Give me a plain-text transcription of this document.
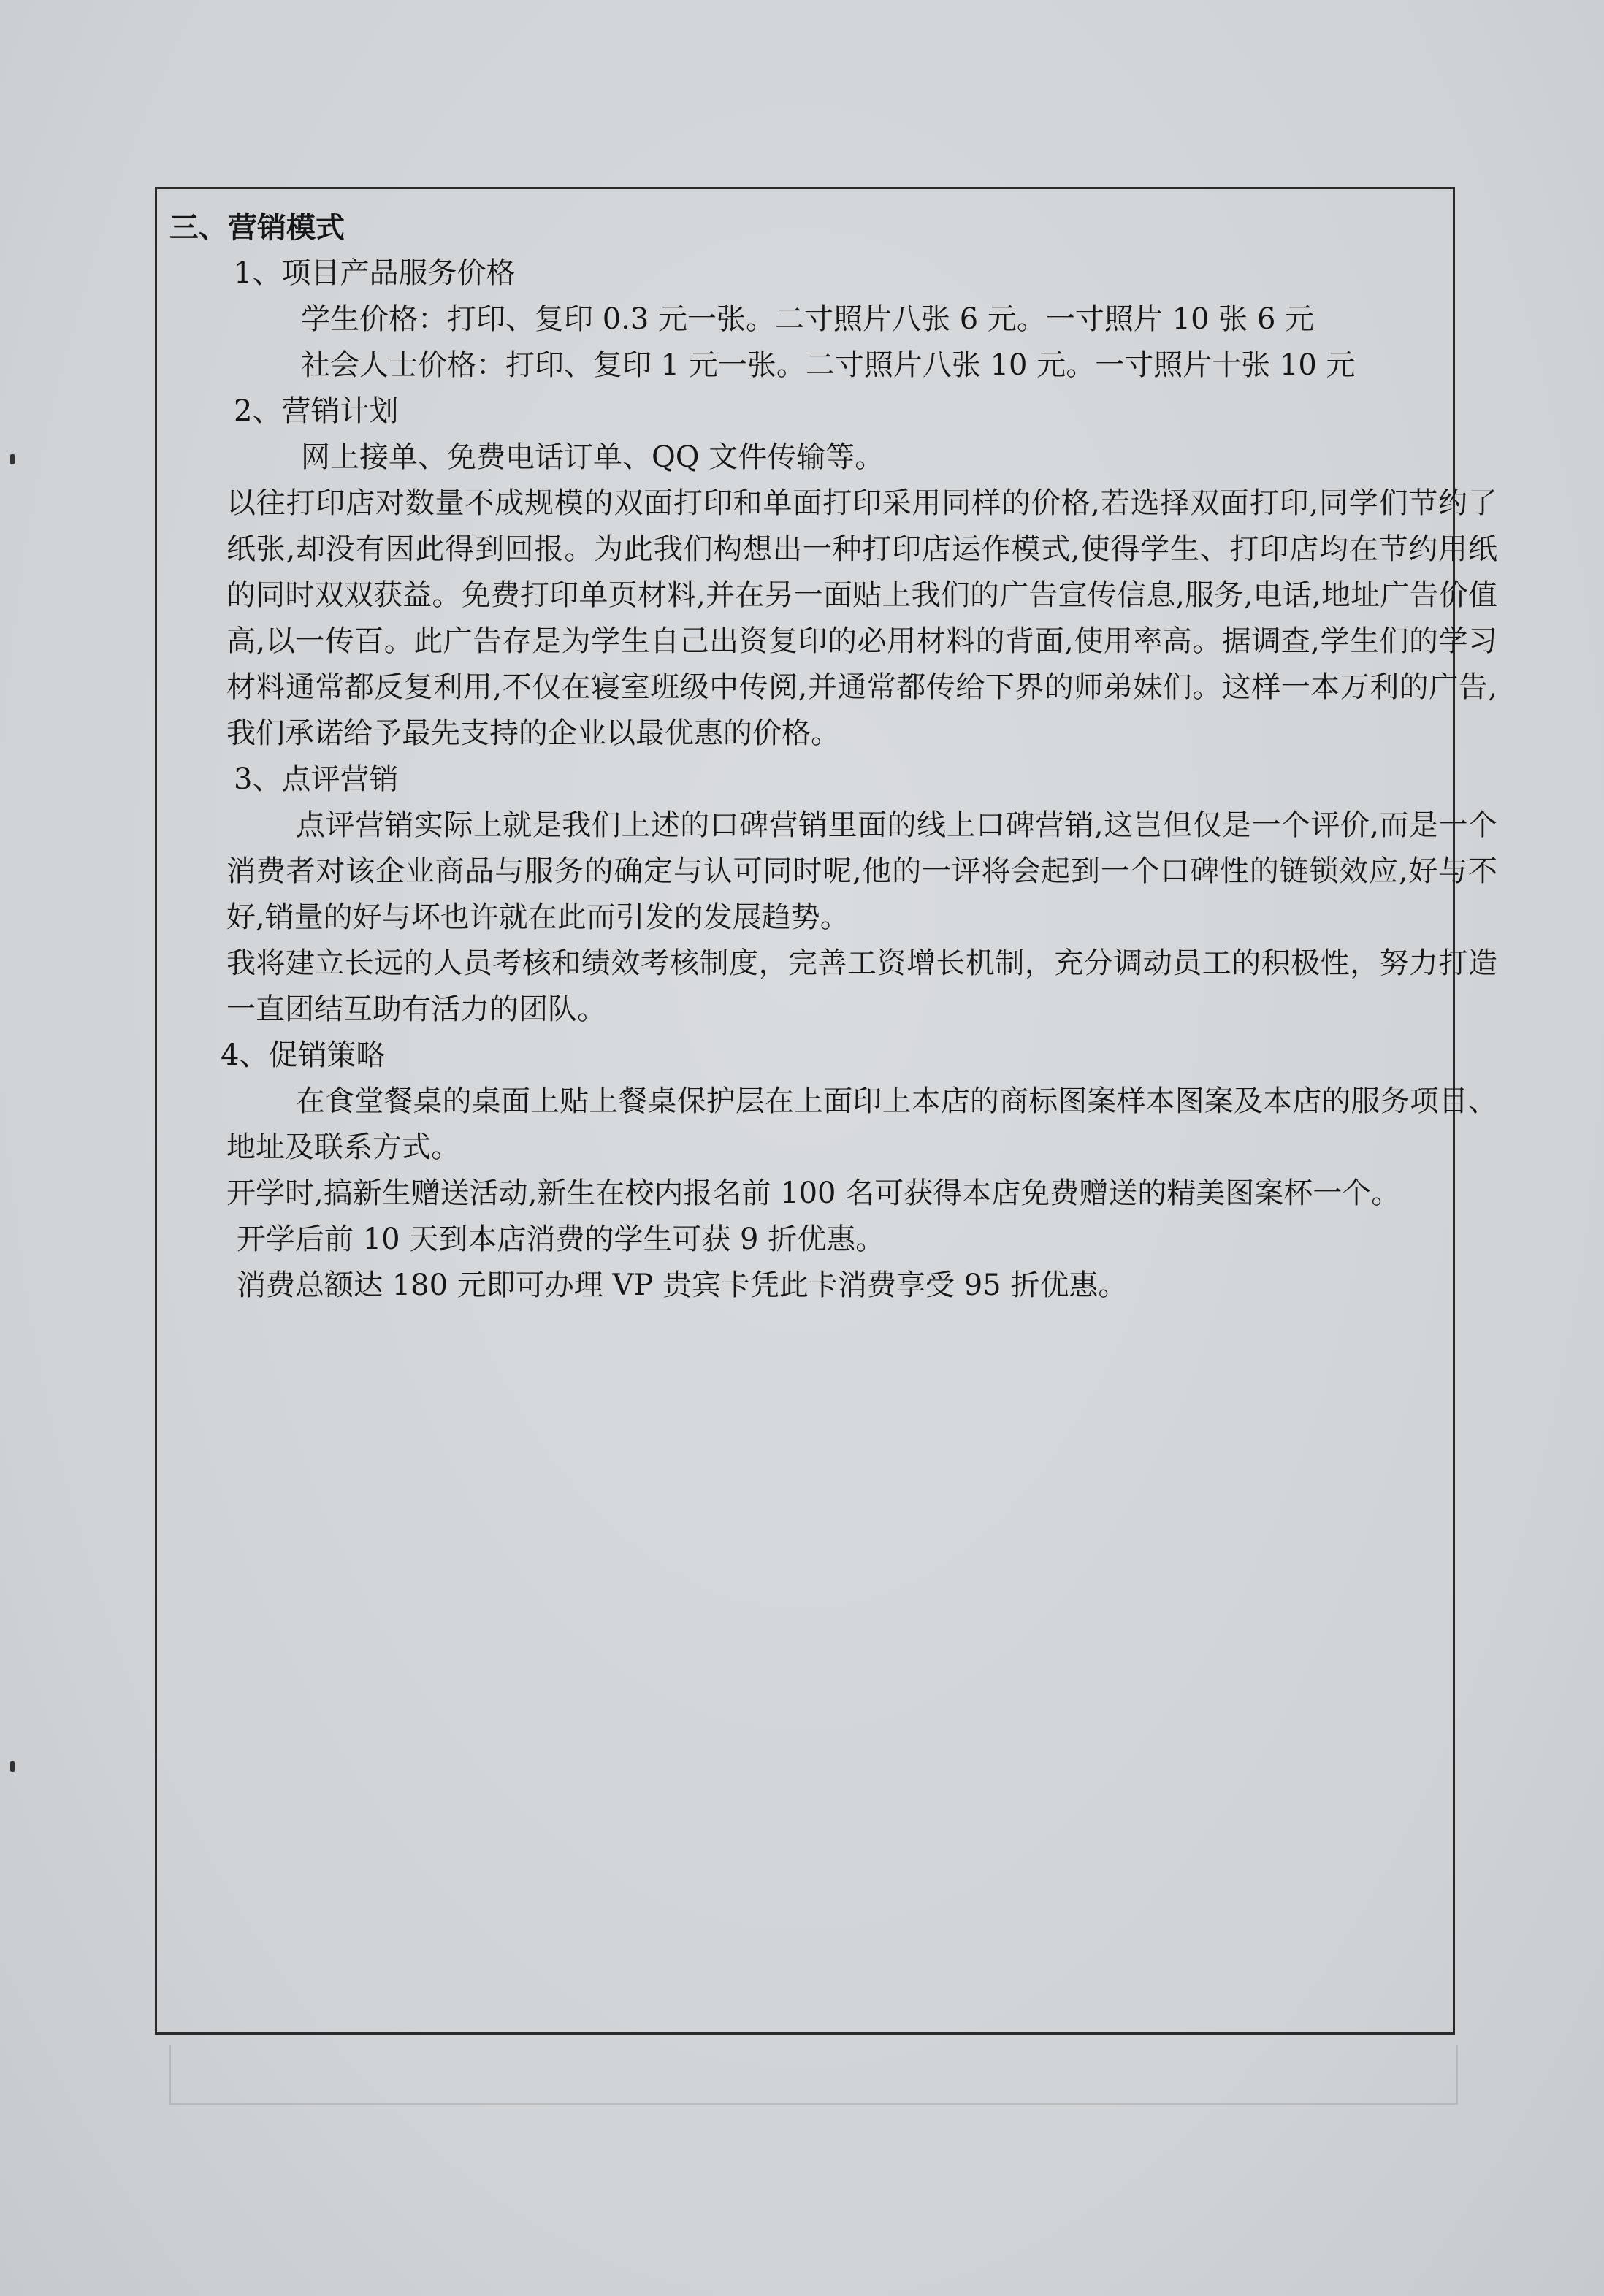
三、营销模式
1、项目产品服务价格
学生价格：打印、复印 0.3 元一张。二寸照片八张 6 元。一寸照片 10 张 6 元
社会人士价格：打印、复印 1 元一张。二寸照片八张 10 元。一寸照片十张 10 元
2、营销计划
网上接单、免费电话订单、QQ 文件传输等。
以往打印店对数量不成规模的双面打印和单面打印采用同样的价格,若选择双面打印,同学们节约了纸张,却没有因此得到回报。为此我们构想出一种打印店运作模式,使得学生、打印店均在节约用纸的同时双双获益。免费打印单页材料,并在另一面贴上我们的广告宣传信息,服务,电话,地址广告价值高,以一传百。此广告存是为学生自己出资复印的必用材料的背面,使用率高。据调查,学生们的学习材料通常都反复利用,不仅在寝室班级中传阅,并通常都传给下界的师弟妹们。这样一本万利的广告,我们承诺给予最先支持的企业以最优惠的价格。
3、点评营销
点评营销实际上就是我们上述的口碑营销里面的线上口碑营销,这岂但仅是一个评价,而是一个消费者对该企业商品与服务的确定与认可同时呢,他的一评将会起到一个口碑性的链锁效应,好与不好,销量的好与坏也许就在此而引发的发展趋势。
我将建立长远的人员考核和绩效考核制度，完善工资增长机制，充分调动员工的积极性，努力打造一直团结互助有活力的团队。
4、促销策略
在食堂餐桌的桌面上贴上餐桌保护层在上面印上本店的商标图案样本图案及本店的服务项目、地址及联系方式。
开学时,搞新生赠送活动,新生在校内报名前 100 名可获得本店免费赠送的精美图案杯一个。
开学后前 10 天到本店消费的学生可获 9 折优惠。
消费总额达 180 元即可办理 VP 贵宾卡凭此卡消费享受 95 折优惠。
